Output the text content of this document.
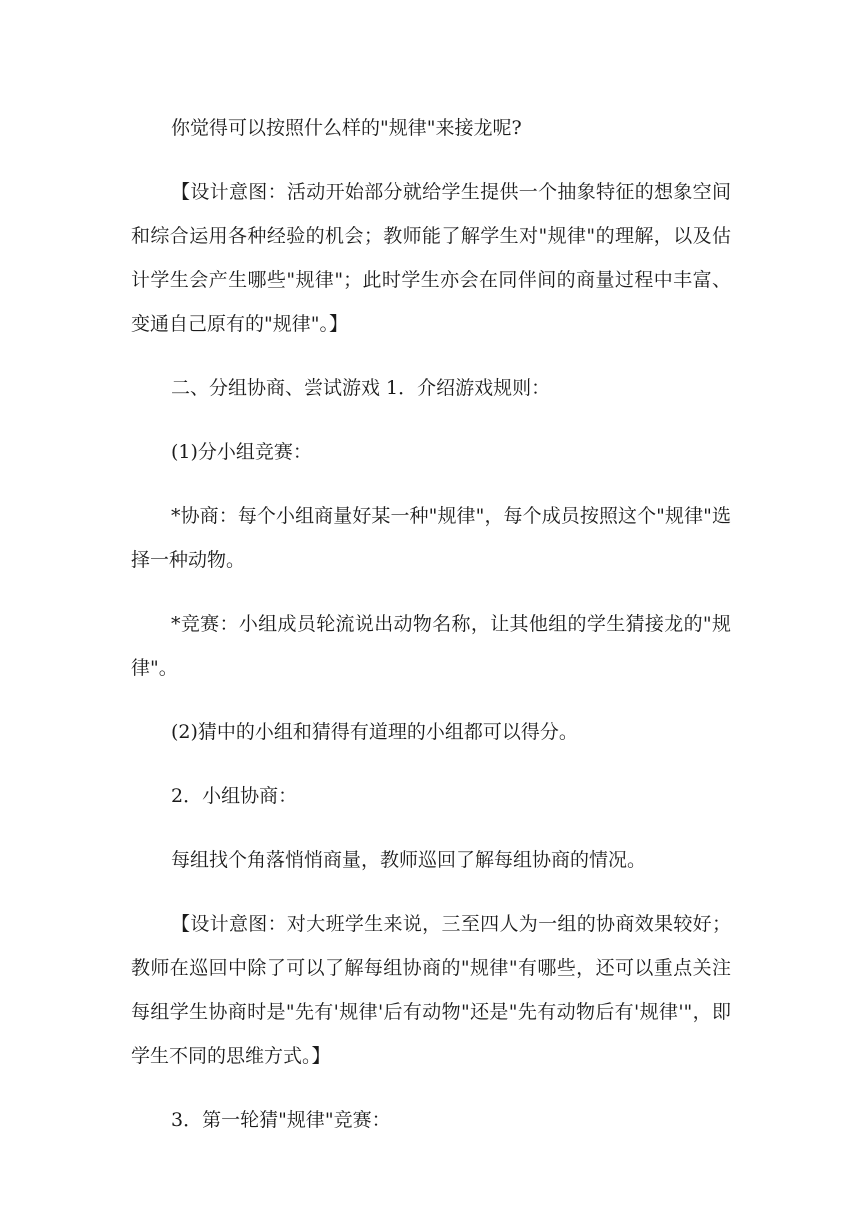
你觉得可以按照什么样的"规律"来接龙呢?

【设计意图：活动开始部分就给学生提供一个抽象特征的想象空间和综合运用各种经验的机会；教师能了解学生对"规律"的理解，以及估计学生会产生哪些"规律"；此时学生亦会在同伴间的商量过程中丰富、变通自己原有的"规律"。】

二、分组协商、尝试游戏 1．介绍游戏规则：

(1)分小组竞赛：

*协商：每个小组商量好某一种"规律"，每个成员按照这个"规律"选择一种动物。

*竞赛：小组成员轮流说出动物名称，让其他组的学生猜接龙的"规律"。

(2)猜中的小组和猜得有道理的小组都可以得分。

2．小组协商：

每组找个角落悄悄商量，教师巡回了解每组协商的情况。

【设计意图：对大班学生来说，三至四人为一组的协商效果较好；教师在巡回中除了可以了解每组协商的"规律"有哪些，还可以重点关注每组学生协商时是"先有'规律'后有动物"还是"先有动物后有'规律'"，即学生不同的思维方式。】

3．第一轮猜"规律"竞赛：
